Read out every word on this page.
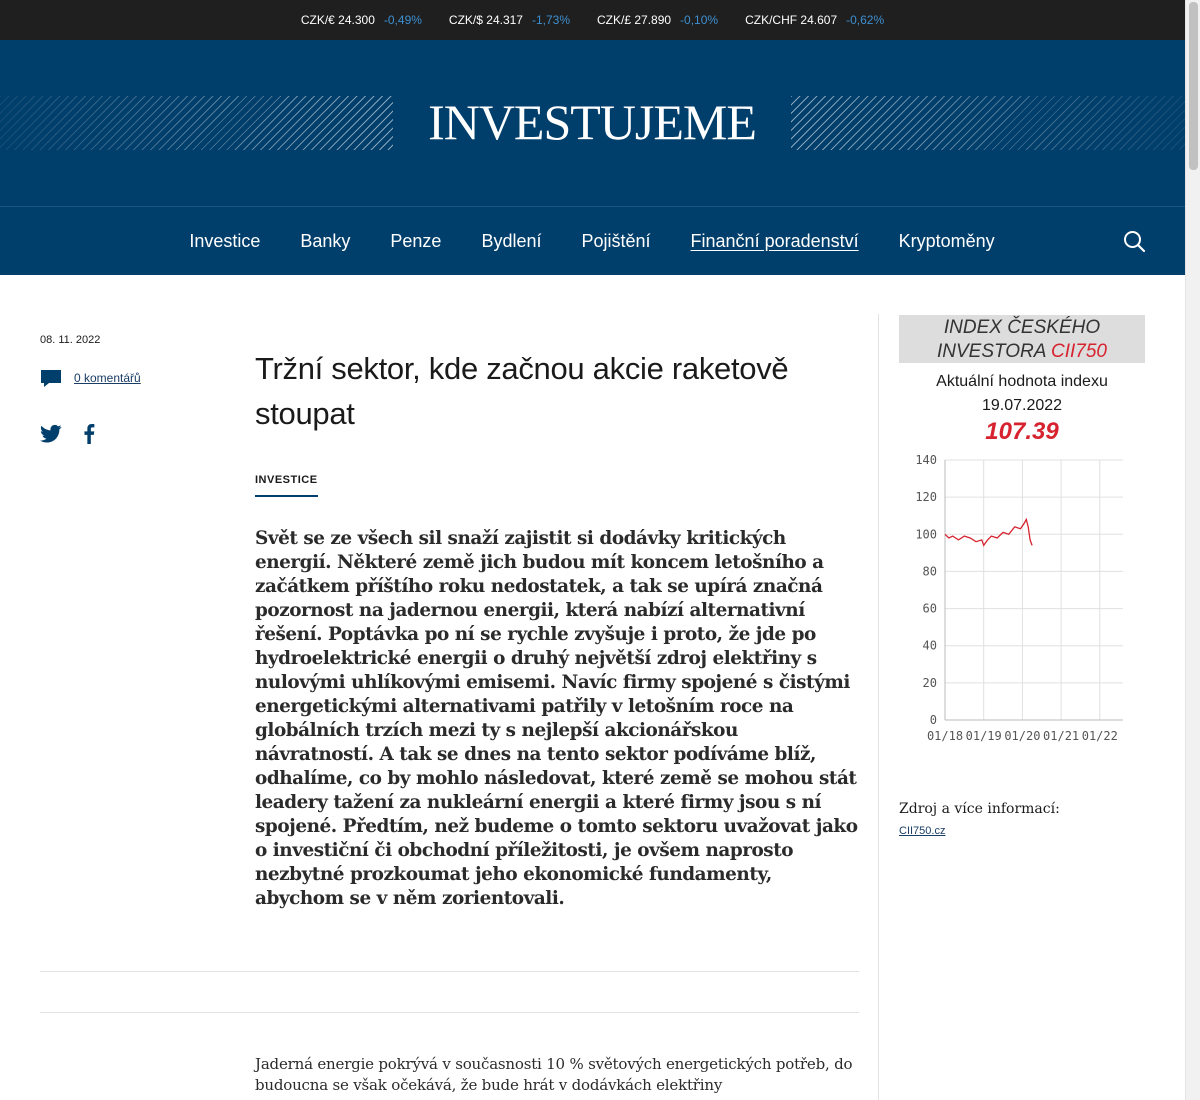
CZK/€ 24.300 -0,49% CZK/$ 24.317 -1,73% CZK/£ 27.890 -0,10% CZK/CHF 24.607 -0,62%
INVESTUJEME
Investice Banky Penze Bydlení Pojištění Finanční poradenství Kryptoměny
08. 11. 2022
0 komentářů	Tržní sektor, kde začnou akcie raketově stoupat
INVESTICE

Svět se ze všech sil snaží zajistit si dodávky kritických energií. Některé země jich budou mít koncem letošního a začátkem příštího roku nedostatek, a tak se upírá značná pozornost na jadernou energii, která nabízí alternativní řešení. Poptávka po ní se rychle zvyšuje i proto, že jde po hydroelektrické energii o druhý největší zdroj elektřiny s nulovými uhlíkovými emisemi. Navíc firmy spojené s čistými energetickými alternativami patřily v letošním roce na globálních trzích mezi ty s nejlepší akcionářskou návratností. A tak se dnes na tento sektor podíváme blíž, odhalíme, co by mohlo následovat, které země se mohou stát leadery tažení za nukleární energii a které firmy jsou s ní spojené. Předtím, než budeme o tomto sektoru uvažovat jako o investiční či obchodní příležitosti, je ovšem naprosto nezbytné prozkoumat jeho ekonomické fundamenty, abychom se v něm zorientovali.

Jaderná energie pokrývá v současnosti 10 % světových energetických potřeb, do budoucna se však očekává, že bude hrát v dodávkách elektřiny

INDEX ČESKÉHO
INVESTORA CII750
Aktuální hodnota indexu
19.07.2022
107.39
0
20
40
60
80
100
120
140
01/18 01/19 01/20 01/21 01/22
Zdroj a více informací:
CII750.cz
